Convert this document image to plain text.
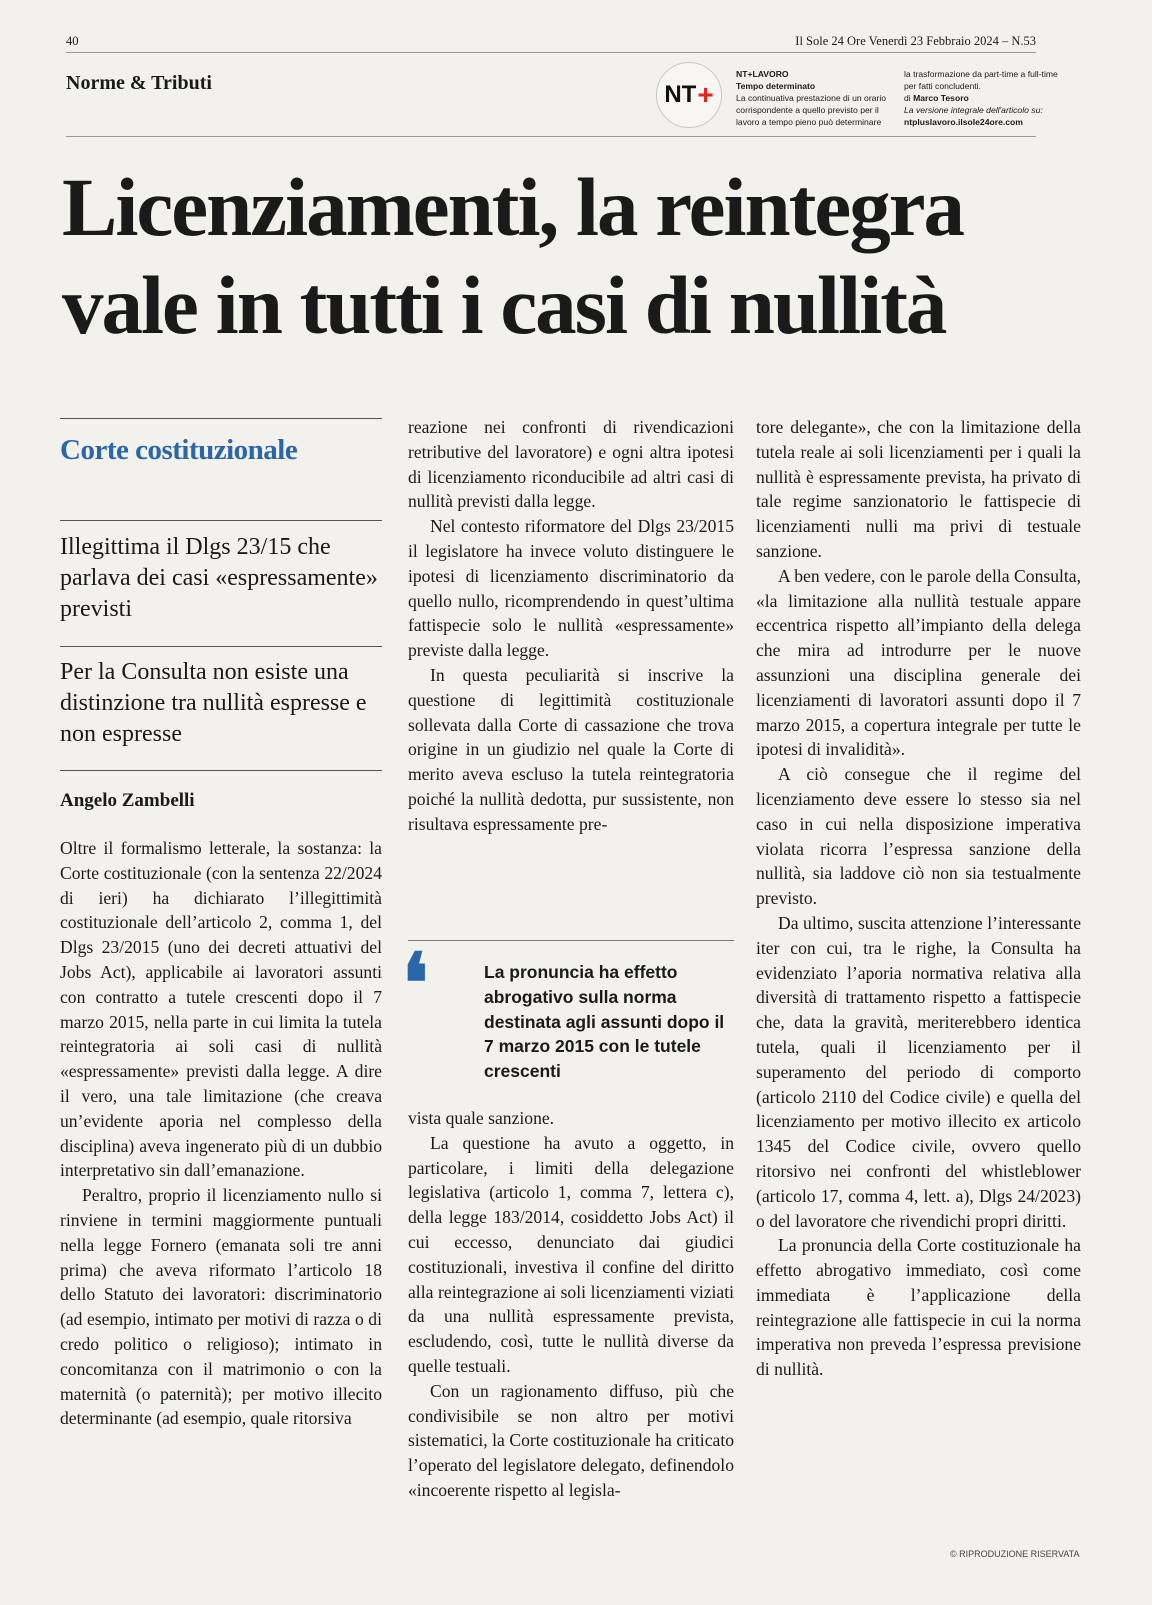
40	Il Sole 24 Ore Venerdì 23 Febbraio 2024 – N.53
Norme & Tributi	NT +
NT+LAVORO
Tempo determinato
La continuativa prestazione di un orario corrispondente a quello previsto per il lavoro a tempo pieno può determinare
la trasformazione da part-time a full-time per fatti concludenti.
di Marco Tesoro
La versione integrale dell'articolo su:
ntpluslavoro.ilsole24ore.com
Licenziamenti, la reintegra
vale in tutti i casi di nullità
Corte costituzionale
Illegittima il Dlgs 23/15 che parlava dei casi «espressamente» previsti
Per la Consulta non esiste una distinzione tra nullità espresse e non espresse
Angelo Zambelli

Oltre il formalismo letterale, la sostanza: la Corte costituzionale (con la sentenza 22/2024 di ieri) ha dichiarato l’illegittimità costituzionale dell’articolo 2, comma 1, del Dlgs 23/2015 (uno dei decreti attuativi del Jobs Act), applicabile ai lavoratori assunti con contratto a tutele crescenti dopo il 7 marzo 2015, nella parte in cui limita la tutela reintegratoria ai soli casi di nullità «espressamente» previsti dalla legge. A dire il vero, una tale limitazione (che creava un’evidente aporia nel complesso della disciplina) aveva ingenerato più di un dubbio interpretativo sin dall’emanazione.

Peraltro, proprio il licenziamento nullo si rinviene in termini maggiormente puntuali nella legge Fornero (emanata soli tre anni prima) che aveva riformato l’articolo 18 dello Statuto dei lavoratori: discriminatorio (ad esempio, intimato per motivi di razza o di credo politico o religioso); intimato in concomitanza con il matrimonio o con la maternità (o paternità); per motivo illecito determinante (ad esempio, quale ritorsiva

reazione nei confronti di rivendicazioni retributive del lavoratore) e ogni altra ipotesi di licenziamento riconducibile ad altri casi di nullità previsti dalla legge.

Nel contesto riformatore del Dlgs 23/2015 il legislatore ha invece voluto distinguere le ipotesi di licenziamento discriminatorio da quello nullo, ricomprendendo in quest’ultima fattispecie solo le nullità «espressamente» previste dalla legge.

In questa peculiarità si inscrive la questione di legittimità costituzionale sollevata dalla Corte di cassazione che trova origine in un giudizio nel quale la Corte di merito aveva escluso la tutela reintegratoria poiché la nullità dedotta, pur sussistente, non risultava espressamente pre-

❛	La pronuncia ha effetto abrogativo sulla norma destinata agli assunti dopo il 7 marzo 2015 con le tutele crescenti

vista quale sanzione.

La questione ha avuto a oggetto, in particolare, i limiti della delegazione legislativa (articolo 1, comma 7, lettera c), della legge 183/2014, cosiddetto Jobs Act) il cui eccesso, denunciato dai giudici costituzionali, investiva il confine del diritto alla reintegrazione ai soli licenziamenti viziati da una nullità espressamente prevista, escludendo, così, tutte le nullità diverse da quelle testuali.

Con un ragionamento diffuso, più che condivisibile se non altro per motivi sistematici, la Corte costituzionale ha criticato l’operato del legislatore delegato, definendolo «incoerente rispetto al legisla-

tore delegante», che con la limitazione della tutela reale ai soli licenziamenti per i quali la nullità è espressamente prevista, ha privato di tale regime sanzionatorio le fattispecie di licenziamenti nulli ma privi di testuale sanzione.

A ben vedere, con le parole della Consulta, «la limitazione alla nullità testuale appare eccentrica rispetto all’impianto della delega che mira ad introdurre per le nuove assunzioni una disciplina generale dei licenziamenti di lavoratori assunti dopo il 7 marzo 2015, a copertura integrale per tutte le ipotesi di invalidità».

A ciò consegue che il regime del licenziamento deve essere lo stesso sia nel caso in cui nella disposizione imperativa violata ricorra l’espressa sanzione della nullità, sia laddove ciò non sia testualmente previsto.

Da ultimo, suscita attenzione l’interessante iter con cui, tra le righe, la Consulta ha evidenziato l’aporia normativa relativa alla diversità di trattamento rispetto a fattispecie che, data la gravità, meriterebbero identica tutela, quali il licenziamento per il superamento del periodo di comporto (articolo 2110 del Codice civile) e quella del licenziamento per motivo illecito ex articolo 1345 del Codice civile, ovvero quello ritorsivo nei confronti del whistleblower (articolo 17, comma 4, lett. a), Dlgs 24/2023) o del lavoratore che rivendichi propri diritti.

La pronuncia della Corte costituzionale ha effetto abrogativo immediato, così come immediata è l’applicazione della reintegrazione alle fattispecie in cui la norma imperativa non preveda l’espressa previsione di nullità.

© RIPRODUZIONE RISERVATA
